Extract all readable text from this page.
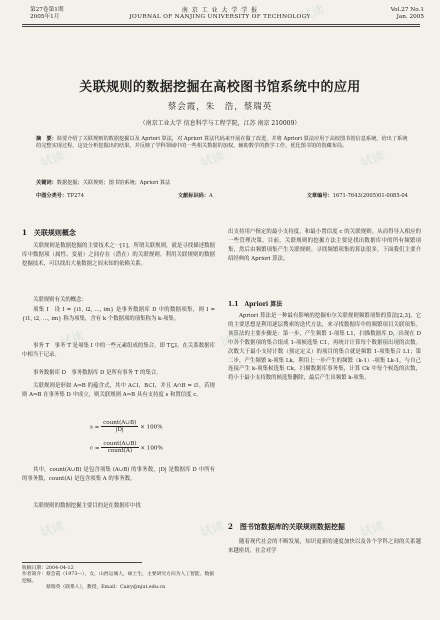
第27卷第1期
2005年1月
南 京 工 业 大 学 学 报
JOURNAL OF NANJING UNIVERSITY OF TECHNOLOGY
Vol.27 No.1
Jan. 2005
关联规则的数据挖掘在高校图书馆系统中的应用
蔡会霞，朱　浩，蔡瑞英
（南京工业大学 信息科学与工程学院，江苏 南京 210009）
摘　要：简要介绍了关联规则的数据挖掘以及 Apriori 算法，对 Apriori 算法代码来开展在做了改进，并将 Apriori 算法应用于高校图书馆信息系统，给出了系统的完整实现过程。这处分析挖掘出的结果，并反映了学科领域中的一些相关数据的加权。辅助数学的教学工作。优化图书馆的馆藏布局。
关键词：数据挖掘；关联规则；图书馆系统；Apriori 算法
中图分类号：TP274	文献标识码：A	文章编号：1671-7643(2005)01-0085-04
1　关联规则概念
关联规则是数据挖掘的主要技术之一[1]。所谓关联规则，就是寻找描述数据库中数据项（属性、变量）之间存在（潜在）的关联规则。利用关联规则的数据挖掘技术，可以找出大量数据之间未知的依赖关系。
关联规则有关的概念：
项集 I　设 I = {i1, i2, …, im} 是事务数据库 D 中的数据项集，则 I = {i1, i2, …, im} 称为项集，含有 k 个数据项的项集称为 k-项集。
事务 T　事务 T 是项集 I 中的一些元素组成的集合，即 T⊆I。在关系数据库中相当于记录。
事务数据库 D　事务数据库 D 是所有事务 T 的集合。
关联规则是形如 A⇒B 的蕴含式，其中 A⊂I，B⊂I，并且 A∩B = ∅。若规则 A⇒B 在事务集 D 中成立，则关联规则 A⇒B 具有支持度 s 和置信度 c。
$s = \frac{\text{count(A∪B)}}{|D|} \times 100\%$
$c = \frac{\text{count(A∪B)}}{\text{count(A)}} \times 100\%$
其中，count(A∪B) 是包含项集 (A∪B) 的事务数，|D| 是数据库 D 中所有的事务数，count(A) 是包含项集 A 的事务数。
关联规则的数据挖掘主要目的是在数据库中找
收稿日期：2004-04-12
作者简介：蔡会霞（1973—），女，山西运城人，硕士生，主要研究方向为人工智能、数据挖掘。
蔡瑞英（联系人），教授，Email：Cairy@njut.edu.cn
出支持用户指定的最小支持度，和最小置信度 c 的关联规则。从而得导入相应的一些管理决策。目前，关联规则的挖掘方法主要是找出数据库中的所有频繁项集，然后由频繁项集产生关联规则。寻找频繁项集的算法很多，下面我们主要介绍经典的 Apriori 算法。
1.1　Apriori 算法
Apriori 算法是一种最有影响的挖掘布尔关联规则频繁项集的算法[2,3]，它的主要思想是利用逐层搜索的迭代方法，来寻找数据库中的频繁项目关联项集。该算法的主要步骤是：第一步，产生频繁 1-项集 L1，扫描数据库 D，出现在 D 中各个数据项的集合组成 1-项候选集 C1，再统计计算每个数据项出现的次数。次数大于最小支持计数（预定定义）的项目的集合就是频繁 1-项集集合 L1；第二步，产生频繁 k-项集 Lk，利用上一步产生的频繁（k-1）-项集 Lk-1，与自己连接产生 k-项集候选集 Ck，扫描数据库事务集，计算 Ck 中每个候选的次数，将小于最小支持数的候选集删除，最后产生出频繁 k-项集。
2　图书馆数据库的关联规则数据挖掘
随着现代社会的不断发展，知识更新的速度加快以及各个学科之间的关系越来越密切，社会对学
试读
试读	试读	试读
试读	试读	试读
试读	试读	试读
